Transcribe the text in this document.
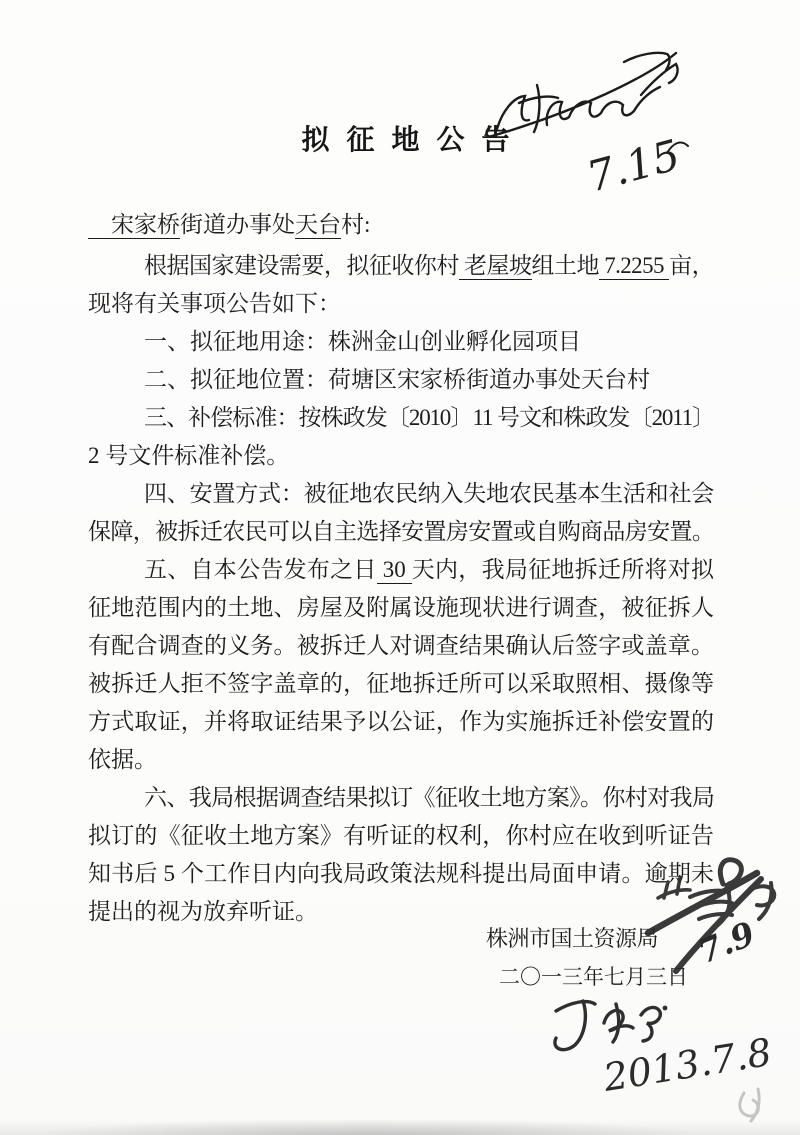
拟征地公告
　宋家桥街道办事处天台村:
根据国家建设需要，拟征收你村 老屋坡组土地 7.2255 亩，
现将有关事项公告如下：
一、拟征地用途：株洲金山创业孵化园项目
二、拟征地位置：荷塘区宋家桥街道办事处天台村
三、补偿标准：按株政发〔2010〕11 号文和株政发〔2011〕
2 号文件标准补偿。
四、安置方式：被征地农民纳入失地农民基本生活和社会
保障，被拆迁农民可以自主选择安置房安置或自购商品房安置。
五、自本公告发布之日 30 天内，我局征地拆迁所将对拟
征地范围内的土地、房屋及附属设施现状进行调查，被征拆人
有配合调查的义务。被拆迁人对调查结果确认后签字或盖章。
被拆迁人拒不签字盖章的，征地拆迁所可以采取照相、摄像等
方式取证，并将取证结果予以公证，作为实施拆迁补偿安置的
依据。
六、我局根据调查结果拟订《征收土地方案》。你村对我局
拟订的《征收土地方案》有听证的权利，你村应在收到听证告
知书后 5 个工作日内向我局政策法规科提出局面申请。逾期未
提出的视为放弃听证。
株洲市国土资源局
二〇一三年七月三日
7.15
7.9
2013.7.8
